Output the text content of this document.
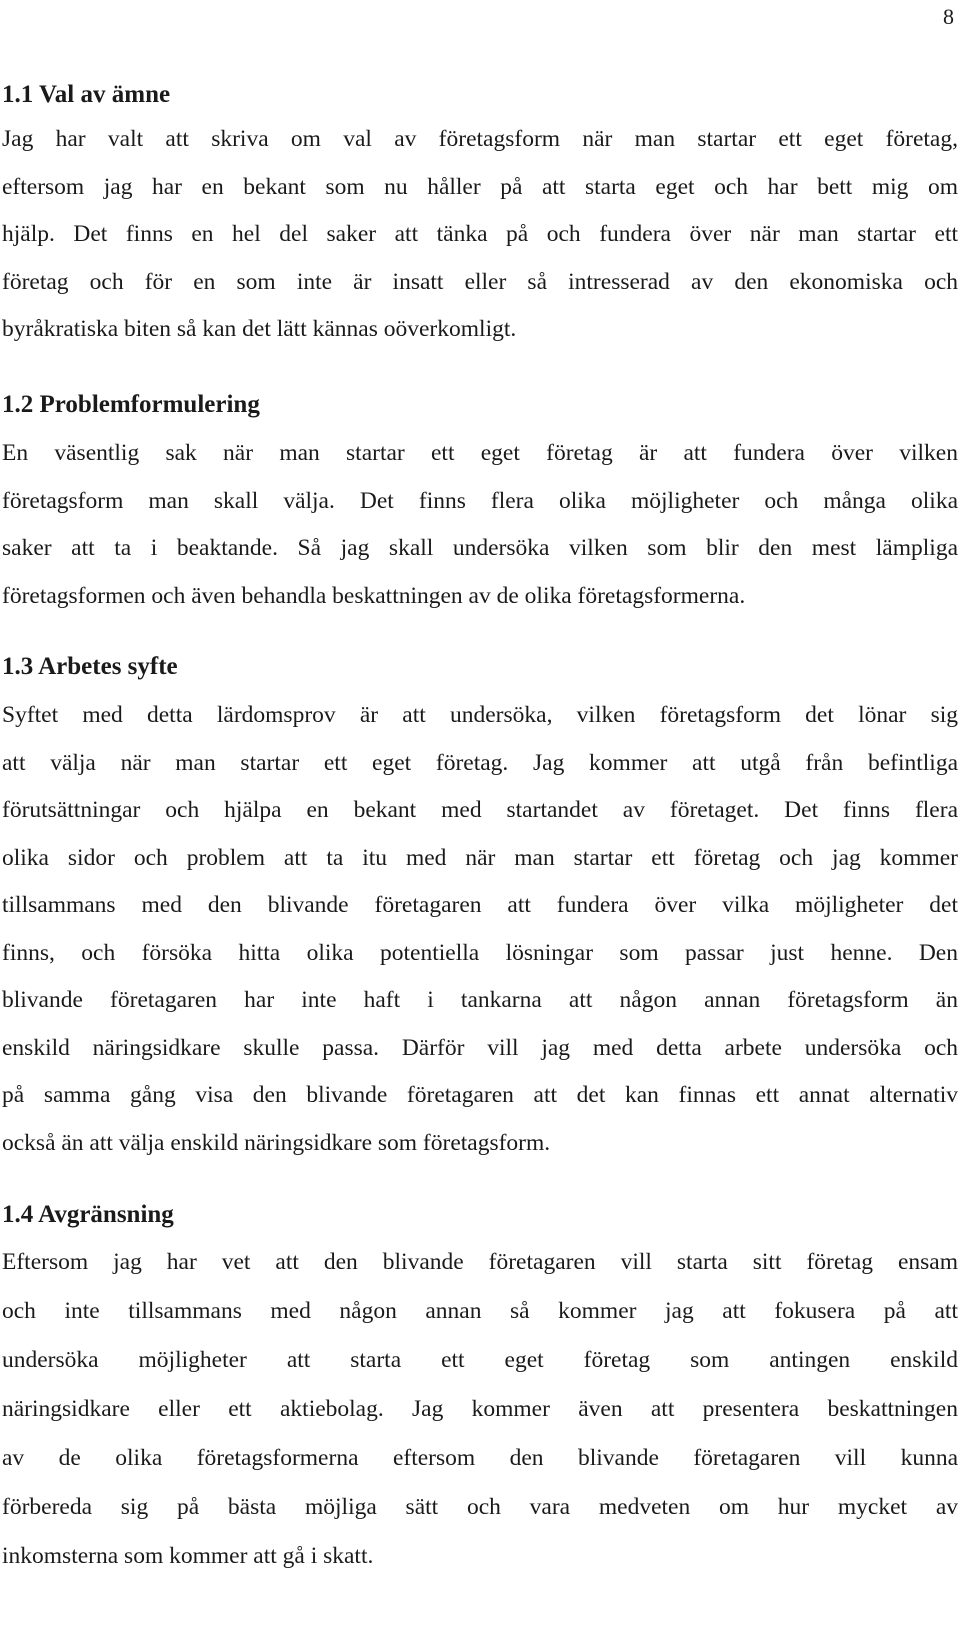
8
1.1 Val av ämne
Jag har valt att skriva om val av företagsform när man startar ett eget företag,
eftersom jag har en bekant som nu håller på att starta eget och har bett mig om
hjälp. Det finns en hel del saker att tänka på och fundera över när man startar ett
företag och för en som inte är insatt eller så intresserad av den ekonomiska och
byråkratiska biten så kan det lätt kännas oöverkomligt.
1.2 Problemformulering
En väsentlig sak när man startar ett eget företag är att fundera över vilken
företagsform man skall välja. Det finns flera olika möjligheter och många olika
saker att ta i beaktande. Så jag skall undersöka vilken som blir den mest lämpliga
företagsformen och även behandla beskattningen av de olika företagsformerna.
1.3 Arbetes syfte
Syftet med detta lärdomsprov är att undersöka, vilken företagsform det lönar sig
att välja när man startar ett eget företag. Jag kommer att utgå från befintliga
förutsättningar och hjälpa en bekant med startandet av företaget. Det finns flera
olika sidor och problem att ta itu med när man startar ett företag och jag kommer
tillsammans med den blivande företagaren att fundera över vilka möjligheter det
finns, och försöka hitta olika potentiella lösningar som passar just henne. Den
blivande företagaren har inte haft i tankarna att någon annan företagsform än
enskild näringsidkare skulle passa. Därför vill jag med detta arbete undersöka och
på samma gång visa den blivande företagaren att det kan finnas ett annat alternativ
också än att välja enskild näringsidkare som företagsform.
1.4 Avgränsning
Eftersom jag har vet att den blivande företagaren vill starta sitt företag ensam
och inte tillsammans med någon annan så kommer jag att fokusera på att
undersöka möjligheter att starta ett eget företag som antingen enskild
näringsidkare eller ett aktiebolag. Jag kommer även att presentera beskattningen
av de olika företagsformerna eftersom den blivande företagaren vill kunna
förbereda sig på bästa möjliga sätt och vara medveten om hur mycket av
inkomsterna som kommer att gå i skatt.
